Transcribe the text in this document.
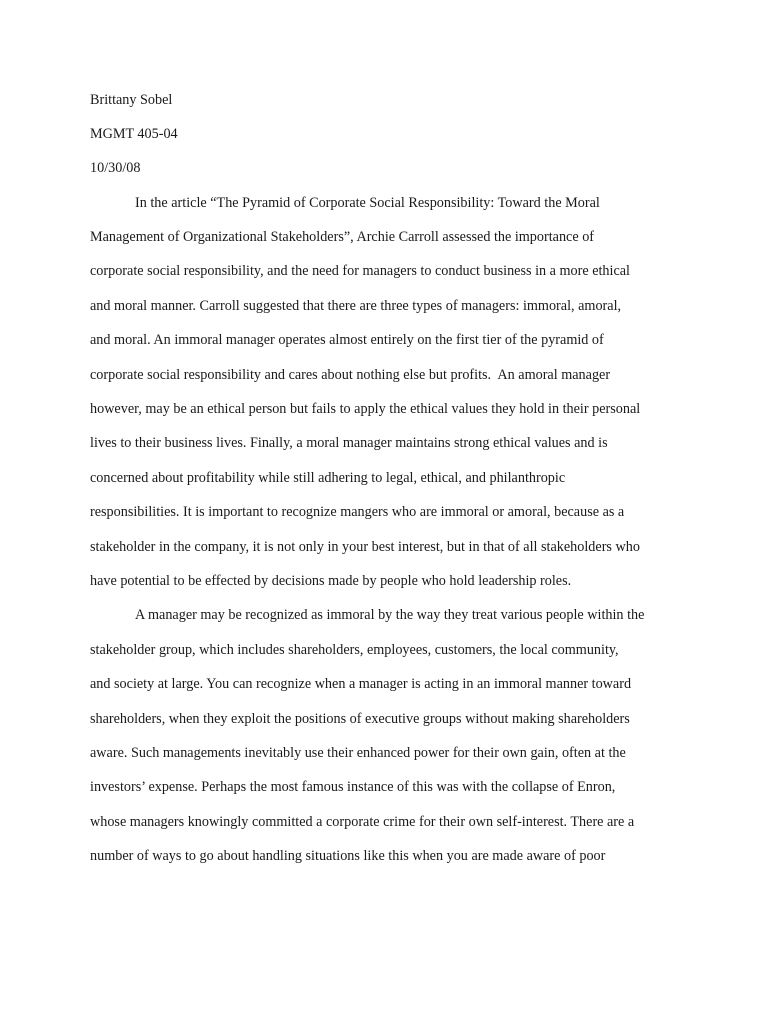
Brittany Sobel
MGMT 405-04
10/30/08
In the article “The Pyramid of Corporate Social Responsibility: Toward the Moral
Management of Organizational Stakeholders”, Archie Carroll assessed the importance of
corporate social responsibility, and the need for managers to conduct business in a more ethical
and moral manner. Carroll suggested that there are three types of managers: immoral, amoral,
and moral. An immoral manager operates almost entirely on the first tier of the pyramid of
corporate social responsibility and cares about nothing else but profits.  An amoral manager
however, may be an ethical person but fails to apply the ethical values they hold in their personal
lives to their business lives. Finally, a moral manager maintains strong ethical values and is
concerned about profitability while still adhering to legal, ethical, and philanthropic
responsibilities. It is important to recognize mangers who are immoral or amoral, because as a
stakeholder in the company, it is not only in your best interest, but in that of all stakeholders who
have potential to be effected by decisions made by people who hold leadership roles.
A manager may be recognized as immoral by the way they treat various people within the
stakeholder group, which includes shareholders, employees, customers, the local community,
and society at large. You can recognize when a manager is acting in an immoral manner toward
shareholders, when they exploit the positions of executive groups without making shareholders
aware. Such managements inevitably use their enhanced power for their own gain, often at the
investors’ expense. Perhaps the most famous instance of this was with the collapse of Enron,
whose managers knowingly committed a corporate crime for their own self-interest. There are a
number of ways to go about handling situations like this when you are made aware of poor
